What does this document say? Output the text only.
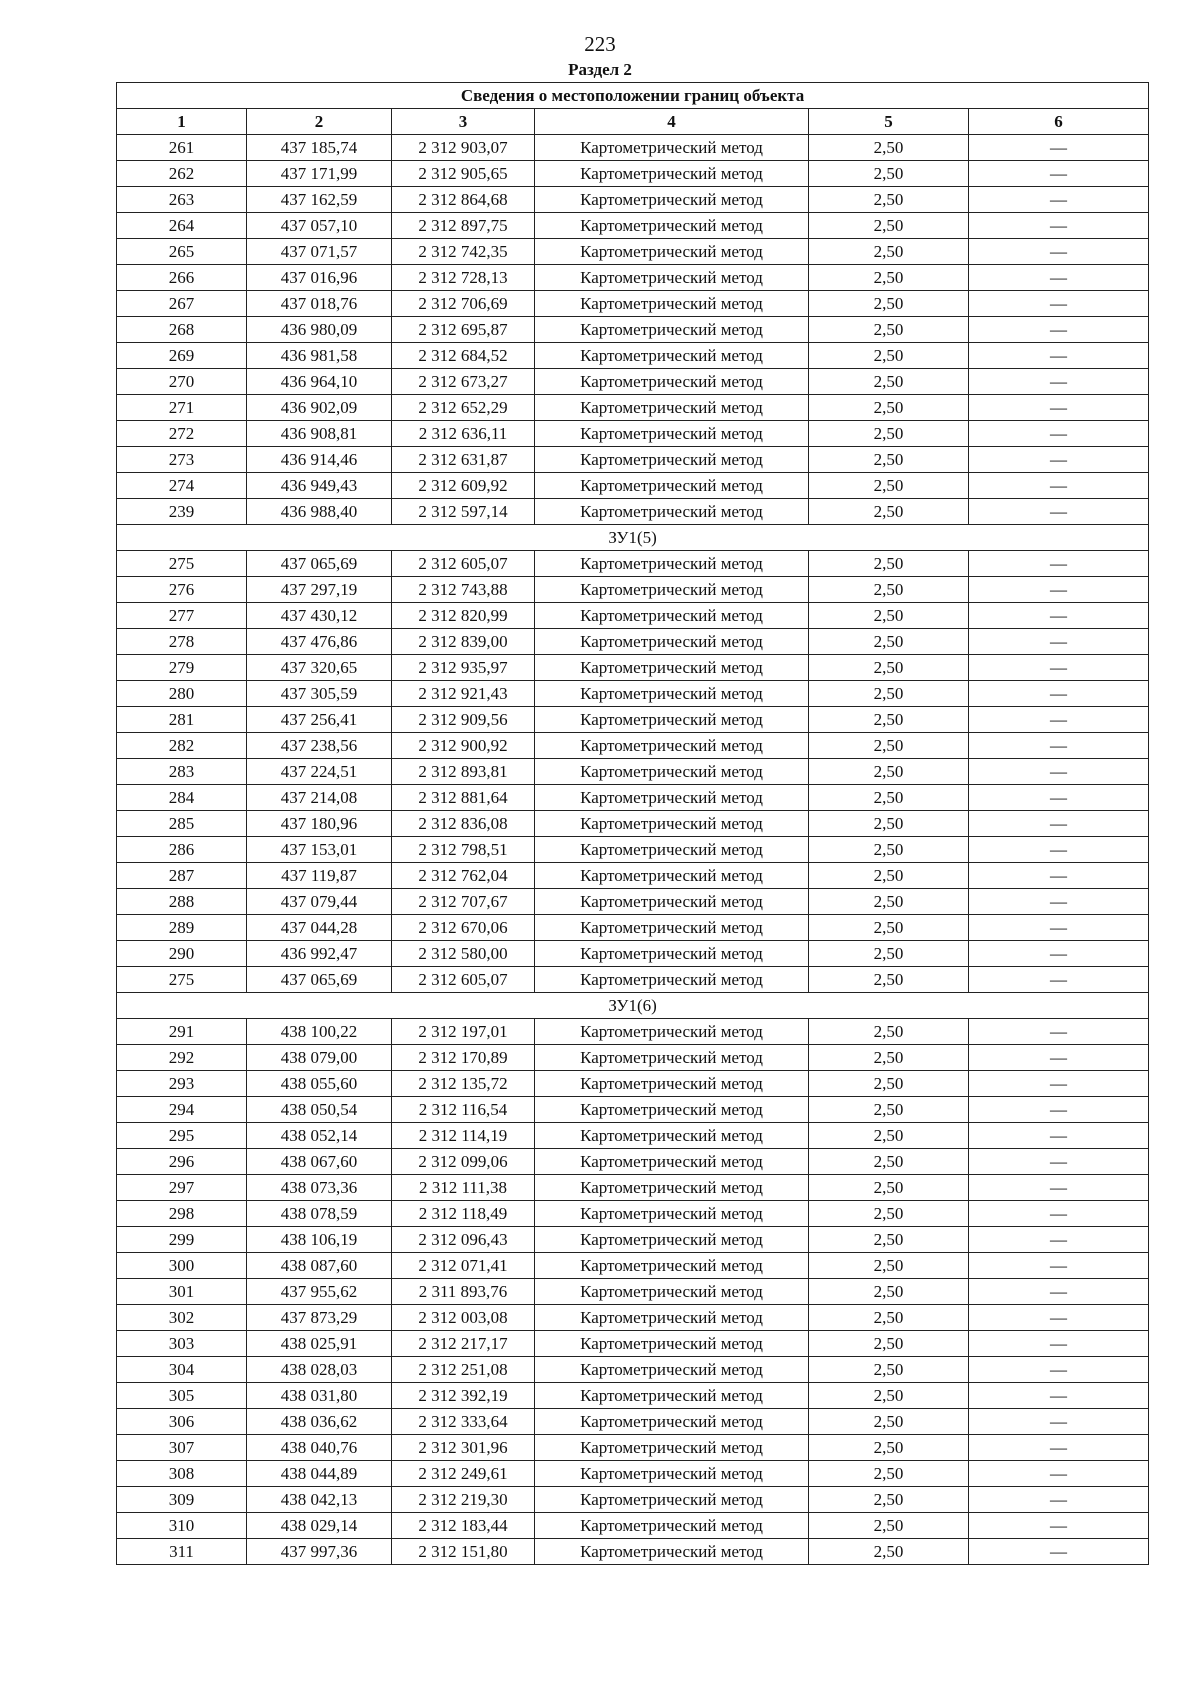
223
Раздел 2
Сведения о местоположении границ объекта					
1	2	3	4	5	6
261	437 185,74	2 312 903,07	Картометрический метод	2,50	—
262	437 171,99	2 312 905,65	Картометрический метод	2,50	—
263	437 162,59	2 312 864,68	Картометрический метод	2,50	—
264	437 057,10	2 312 897,75	Картометрический метод	2,50	—
265	437 071,57	2 312 742,35	Картометрический метод	2,50	—
266	437 016,96	2 312 728,13	Картометрический метод	2,50	—
267	437 018,76	2 312 706,69	Картометрический метод	2,50	—
268	436 980,09	2 312 695,87	Картометрический метод	2,50	—
269	436 981,58	2 312 684,52	Картометрический метод	2,50	—
270	436 964,10	2 312 673,27	Картометрический метод	2,50	—
271	436 902,09	2 312 652,29	Картометрический метод	2,50	—
272	436 908,81	2 312 636,11	Картометрический метод	2,50	—
273	436 914,46	2 312 631,87	Картометрический метод	2,50	—
274	436 949,43	2 312 609,92	Картометрический метод	2,50	—
239	436 988,40	2 312 597,14	Картометрический метод	2,50	—
ЗУ1(5)					
275	437 065,69	2 312 605,07	Картометрический метод	2,50	—
276	437 297,19	2 312 743,88	Картометрический метод	2,50	—
277	437 430,12	2 312 820,99	Картометрический метод	2,50	—
278	437 476,86	2 312 839,00	Картометрический метод	2,50	—
279	437 320,65	2 312 935,97	Картометрический метод	2,50	—
280	437 305,59	2 312 921,43	Картометрический метод	2,50	—
281	437 256,41	2 312 909,56	Картометрический метод	2,50	—
282	437 238,56	2 312 900,92	Картометрический метод	2,50	—
283	437 224,51	2 312 893,81	Картометрический метод	2,50	—
284	437 214,08	2 312 881,64	Картометрический метод	2,50	—
285	437 180,96	2 312 836,08	Картометрический метод	2,50	—
286	437 153,01	2 312 798,51	Картометрический метод	2,50	—
287	437 119,87	2 312 762,04	Картометрический метод	2,50	—
288	437 079,44	2 312 707,67	Картометрический метод	2,50	—
289	437 044,28	2 312 670,06	Картометрический метод	2,50	—
290	436 992,47	2 312 580,00	Картометрический метод	2,50	—
275	437 065,69	2 312 605,07	Картометрический метод	2,50	—
ЗУ1(6)					
291	438 100,22	2 312 197,01	Картометрический метод	2,50	—
292	438 079,00	2 312 170,89	Картометрический метод	2,50	—
293	438 055,60	2 312 135,72	Картометрический метод	2,50	—
294	438 050,54	2 312 116,54	Картометрический метод	2,50	—
295	438 052,14	2 312 114,19	Картометрический метод	2,50	—
296	438 067,60	2 312 099,06	Картометрический метод	2,50	—
297	438 073,36	2 312 111,38	Картометрический метод	2,50	—
298	438 078,59	2 312 118,49	Картометрический метод	2,50	—
299	438 106,19	2 312 096,43	Картометрический метод	2,50	—
300	438 087,60	2 312 071,41	Картометрический метод	2,50	—
301	437 955,62	2 311 893,76	Картометрический метод	2,50	—
302	437 873,29	2 312 003,08	Картометрический метод	2,50	—
303	438 025,91	2 312 217,17	Картометрический метод	2,50	—
304	438 028,03	2 312 251,08	Картометрический метод	2,50	—
305	438 031,80	2 312 392,19	Картометрический метод	2,50	—
306	438 036,62	2 312 333,64	Картометрический метод	2,50	—
307	438 040,76	2 312 301,96	Картометрический метод	2,50	—
308	438 044,89	2 312 249,61	Картометрический метод	2,50	—
309	438 042,13	2 312 219,30	Картометрический метод	2,50	—
310	438 029,14	2 312 183,44	Картометрический метод	2,50	—
311	437 997,36	2 312 151,80	Картометрический метод	2,50	—
